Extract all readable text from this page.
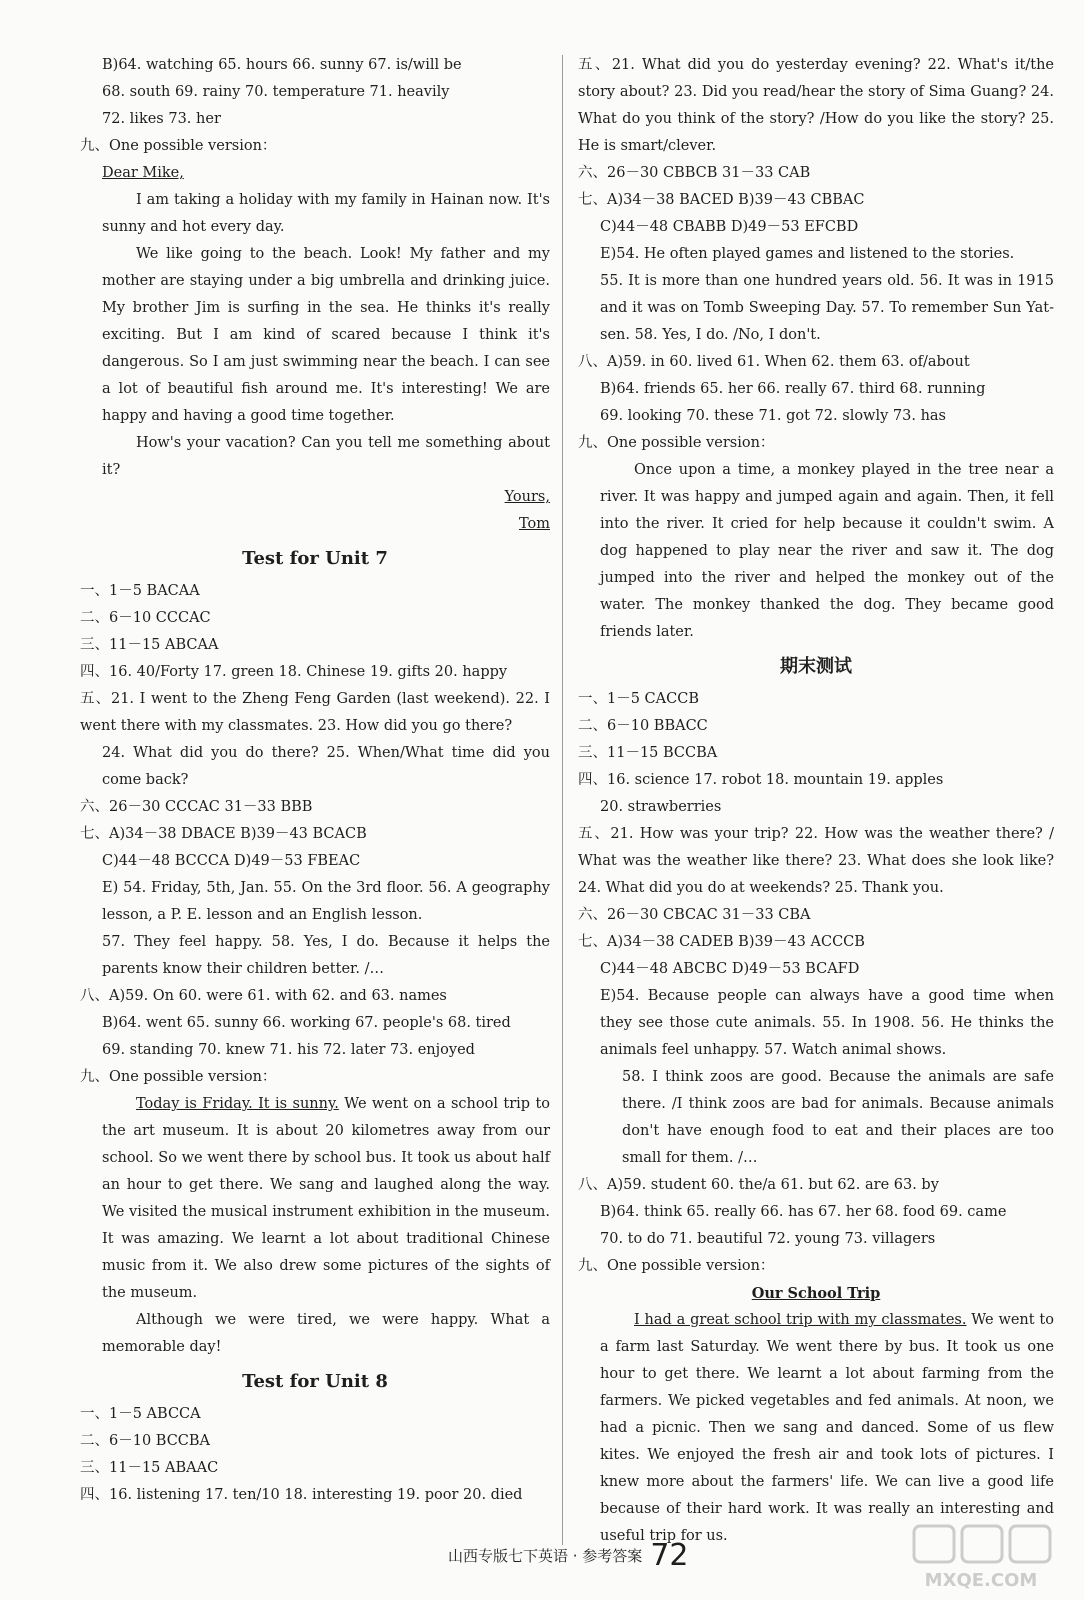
B)64. watching 65. hours 66. sunny 67. is/will be
68. south 69. rainy 70. temperature 71. heavily
72. likes 73. her
九、One possible version：
Dear Mike,
I am taking a holiday with my family in Hainan now. It's sunny and hot every day.
We like going to the beach. Look! My father and my mother are staying under a big umbrella and drinking juice. My brother Jim is surfing in the sea. He thinks it's really exciting. But I am kind of scared because I think it's dangerous. So I am just swimming near the beach. I can see a lot of beautiful fish around me. It's interesting! We are happy and having a good time together.
How's your vacation? Can you tell me something about it?
Yours,
Tom
Test for Unit 7
一、1－5 BACAA
二、6－10 CCCAC
三、11－15 ABCAA
四、16. 40/Forty 17. green 18. Chinese 19. gifts 20. happy
五、21. I went to the Zheng Feng Garden (last weekend). 22. I went there with my classmates. 23. How did you go there?
24. What did you do there? 25. When/What time did you come back?
六、26－30 CCCAC 31－33 BBB
七、A)34－38 DBACE B)39－43 BCACB
C)44－48 BCCCA D)49－53 FBEAC
E) 54. Friday, 5th, Jan. 55. On the 3rd floor. 56. A geography lesson, a P. E. lesson and an English lesson.
57. They feel happy. 58. Yes, I do. Because it helps the parents know their children better. /…
八、A)59. On 60. were 61. with 62. and 63. names
B)64. went 65. sunny 66. working 67. people's 68. tired
69. standing 70. knew 71. his 72. later 73. enjoyed
九、One possible version：
Today is Friday. It is sunny. We went on a school trip to the art museum. It is about 20 kilometres away from our school. So we went there by school bus. It took us about half an hour to get there. We sang and laughed along the way. We visited the musical instrument exhibition in the museum. It was amazing. We learnt a lot about traditional Chinese music from it. We also drew some pictures of the sights of the museum.
Although we were tired, we were happy. What a memorable day!
Test for Unit 8
一、1－5 ABCCA
二、6－10 BCCBA
三、11－15 ABAAC
四、16. listening 17. ten/10 18. interesting 19. poor 20. died
五、21. What did you do yesterday evening? 22. What's it/the story about? 23. Did you read/hear the story of Sima Guang? 24. What do you think of the story? /How do you like the story? 25. He is smart/clever.
六、26－30 CBBCB 31－33 CAB
七、A)34－38 BACED B)39－43 CBBAC
C)44－48 CBABB D)49－53 EFCBD
E)54. He often played games and listened to the stories.
55. It is more than one hundred years old. 56. It was in 1915 and it was on Tomb Sweeping Day. 57. To remember Sun Yat-sen. 58. Yes, I do. /No, I don't.
八、A)59. in 60. lived 61. When 62. them 63. of/about
B)64. friends 65. her 66. really 67. third 68. running
69. looking 70. these 71. got 72. slowly 73. has
九、One possible version：
Once upon a time, a monkey played in the tree near a river. It was happy and jumped again and again. Then, it fell into the river. It cried for help because it couldn't swim. A dog happened to play near the river and saw it. The dog jumped into the river and helped the monkey out of the water. The monkey thanked the dog. They became good friends later.
期末测试
一、1－5 CACCB
二、6－10 BBACC
三、11－15 BCCBA
四、16. science 17. robot 18. mountain 19. apples
20. strawberries
五、21. How was your trip? 22. How was the weather there? / What was the weather like there? 23. What does she look like? 24. What did you do at weekends? 25. Thank you.
六、26－30 CBCAC 31－33 CBA
七、A)34－38 CADEB B)39－43 ACCCB
C)44－48 ABCBC D)49－53 BCAFD
E)54. Because people can always have a good time when they see those cute animals. 55. In 1908. 56. He thinks the animals feel unhappy. 57. Watch animal shows.
58. I think zoos are good. Because the animals are safe there. /I think zoos are bad for animals. Because animals don't have enough food to eat and their places are too small for them. /…
八、A)59. student 60. the/a 61. but 62. are 63. by
B)64. think 65. really 66. has 67. her 68. food 69. came
70. to do 71. beautiful 72. young 73. villagers
九、One possible version：
Our School Trip
I had a great school trip with my classmates. We went to a farm last Saturday. We went there by bus. It took us one hour to get there. We learnt a lot about farming from the farmers. We picked vegetables and fed animals. At noon, we had a picnic. Then we sang and danced. Some of us flew kites. We enjoyed the fresh air and took lots of pictures. I knew more about the farmers' life. We can live a good life because of their hard work. It was really an interesting and useful trip for us.
山西专版七下英语 · 参考答案 72
MXQE.COM
